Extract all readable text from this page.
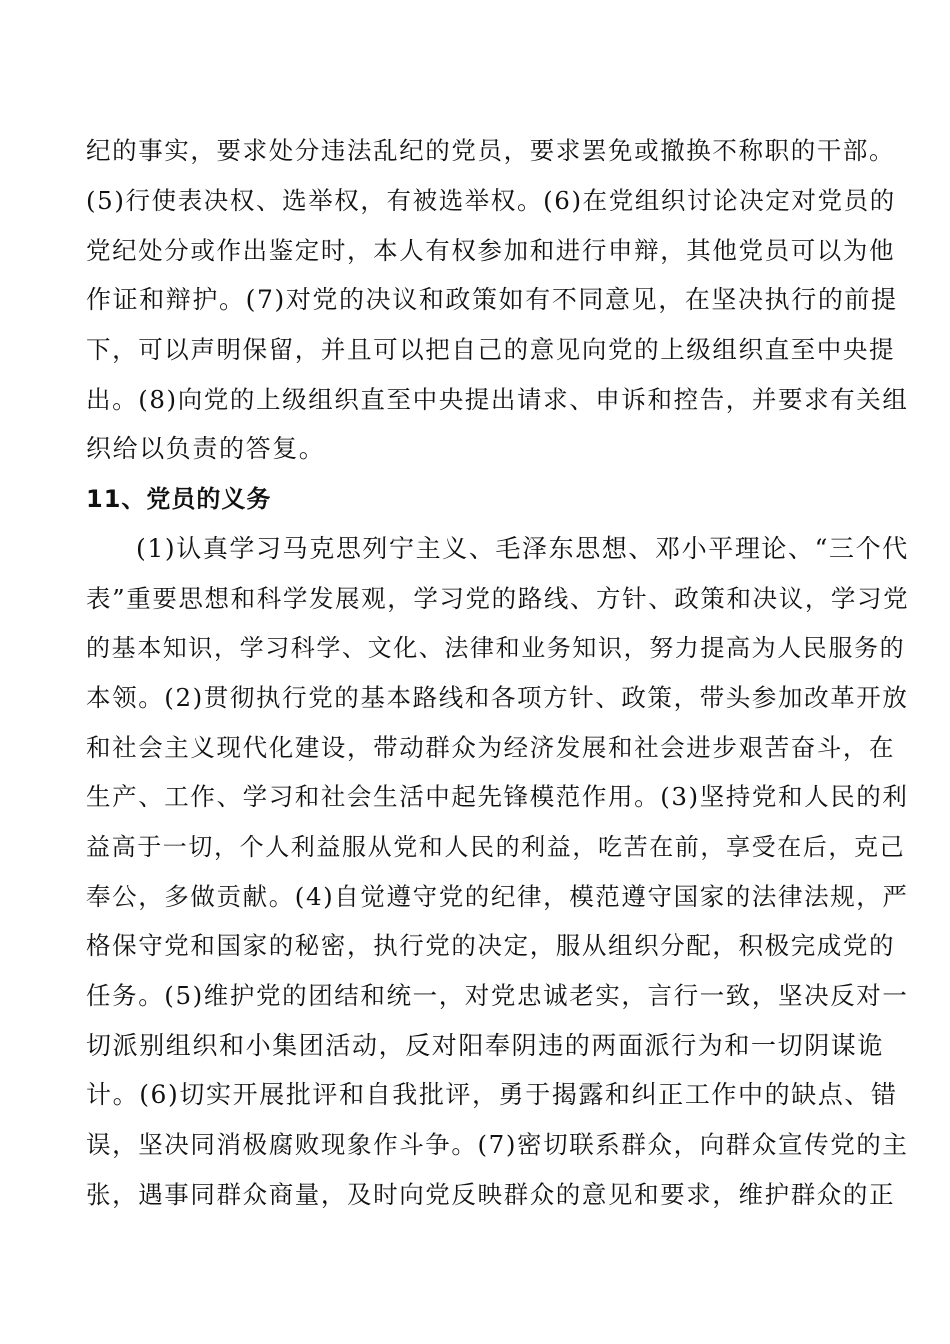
纪的事实，要求处分违法乱纪的党员，要求罢免或撤换不称职的干部。
(5)行使表决权、选举权，有被选举权。(6)在党组织讨论决定对党员的
党纪处分或作出鉴定时，本人有权参加和进行申辩，其他党员可以为他
作证和辩护。(7)对党的决议和政策如有不同意见，在坚决执行的前提
下，可以声明保留，并且可以把自己的意见向党的上级组织直至中央提
出。(8)向党的上级组织直至中央提出请求、申诉和控告，并要求有关组
织给以负责的答复。
11、党员的义务
(1)认真学习马克思列宁主义、毛泽东思想、邓小平理论、“三个代
表”重要思想和科学发展观，学习党的路线、方针、政策和决议，学习党
的基本知识，学习科学、文化、法律和业务知识，努力提高为人民服务的
本领。(2)贯彻执行党的基本路线和各项方针、政策，带头参加改革开放
和社会主义现代化建设，带动群众为经济发展和社会进步艰苦奋斗，在
生产、工作、学习和社会生活中起先锋模范作用。(3)坚持党和人民的利
益高于一切，个人利益服从党和人民的利益，吃苦在前，享受在后，克己
奉公，多做贡献。(4)自觉遵守党的纪律，模范遵守国家的法律法规，严
格保守党和国家的秘密，执行党的决定，服从组织分配，积极完成党的
任务。(5)维护党的团结和统一，对党忠诚老实，言行一致，坚决反对一
切派别组织和小集团活动，反对阳奉阴违的两面派行为和一切阴谋诡
计。(6)切实开展批评和自我批评，勇于揭露和纠正工作中的缺点、错
误，坚决同消极腐败现象作斗争。(7)密切联系群众，向群众宣传党的主
张，遇事同群众商量，及时向党反映群众的意见和要求，维护群众的正
